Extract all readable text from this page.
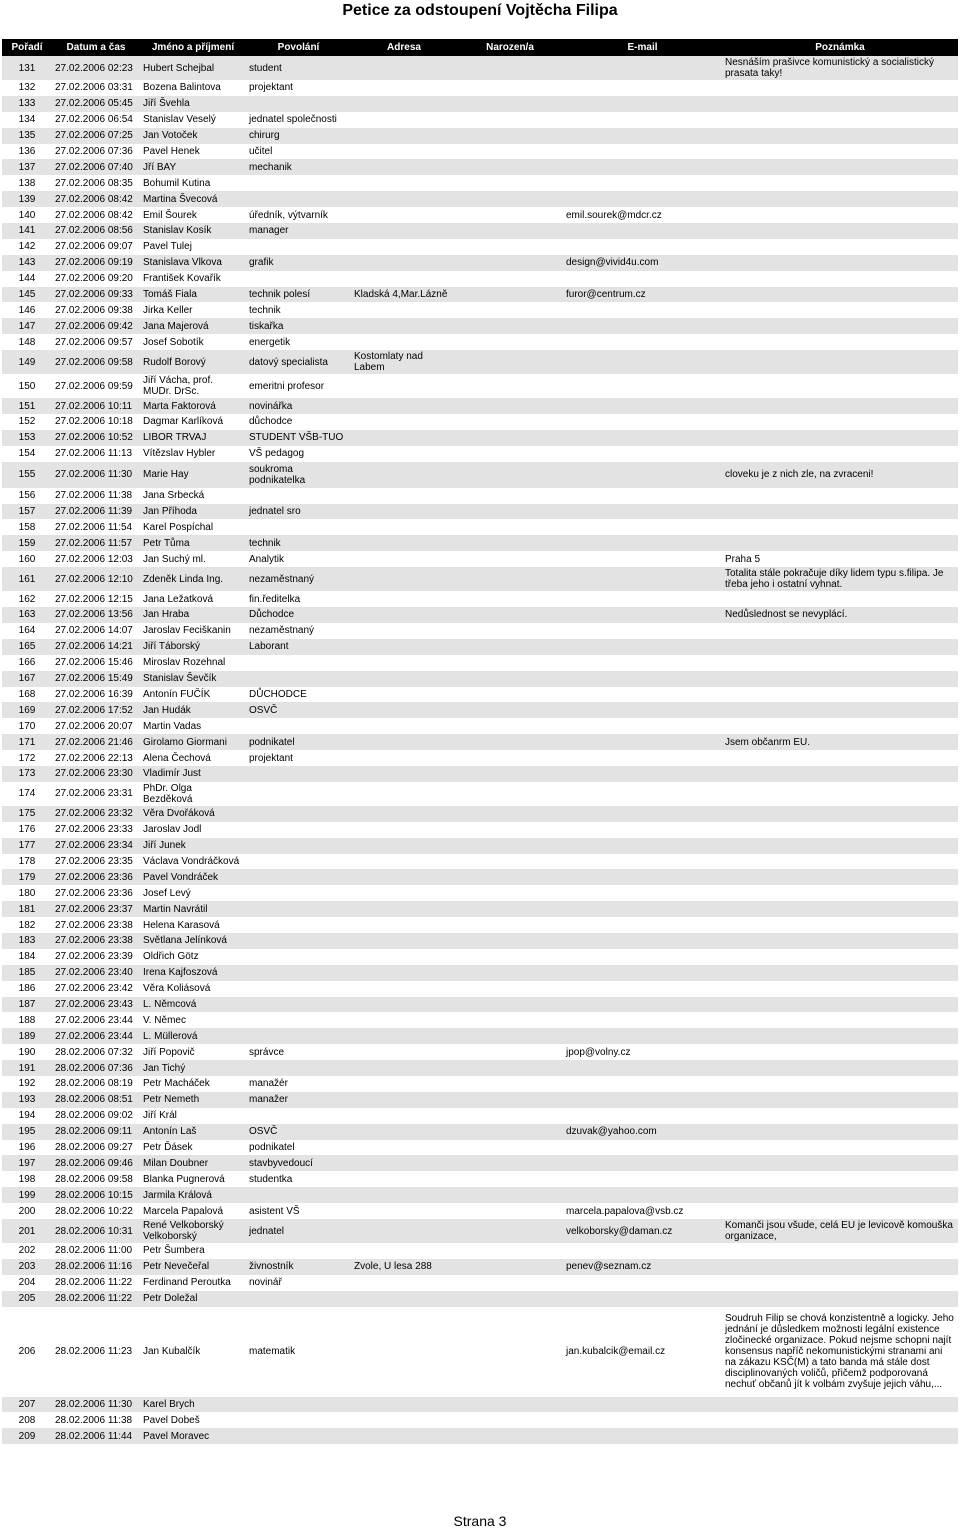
Petice za odstoupení Vojtěcha Filipa
Pořadí	Datum a čas	Jméno a příjmení	Povolání	Adresa	Narozen/a	E-mail	Poznámka
131	27.02.2006 02:23	Hubert Schejbal	student				Nesnáším prašivce komunistický a socialistický prasata taky!
132	27.02.2006 03:31	Bozena Balintova	projektant				
133	27.02.2006 05:45	Jiří Švehla					
134	27.02.2006 06:54	Stanislav Veselý	jednatel společnosti				
135	27.02.2006 07:25	Jan Votoček	chirurg				
136	27.02.2006 07:36	Pavel Henek	učitel				
137	27.02.2006 07:40	Jří BAY	mechanik				
138	27.02.2006 08:35	Bohumil Kutina					
139	27.02.2006 08:42	Martina Švecová					
140	27.02.2006 08:42	Emil Šourek	úředník, výtvarník			emil.sourek@mdcr.cz	
141	27.02.2006 08:56	Stanislav Kosík	manager				
142	27.02.2006 09:07	Pavel Tulej					
143	27.02.2006 09:19	Stanislava Vlkova	grafik			design@vivid4u.com	
144	27.02.2006 09:20	František Kovařík					
145	27.02.2006 09:33	Tomáš Fiala	technik polesí	Kladská 4,Mar.Lázně		furor@centrum.cz	
146	27.02.2006 09:38	Jirka Keller	technik				
147	27.02.2006 09:42	Jana Majerová	tiskařka				
148	27.02.2006 09:57	Josef Sobotík	energetik				
149	27.02.2006 09:58	Rudolf Borový	datový specialista	Kostomlaty nad Labem			
150	27.02.2006 09:59	Jiří Vácha, prof. MUDr. DrSc.	emeritni profesor				
151	27.02.2006 10:11	Marta Faktorová	novinářka				
152	27.02.2006 10:18	Dagmar Karlíková	důchodce				
153	27.02.2006 10:52	LIBOR TRVAJ	STUDENT VŠB-TUO				
154	27.02.2006 11:13	Vítězslav Hybler	VŠ pedagog				
155	27.02.2006 11:30	Marie Hay	soukroma podnikatelka				cloveku je z nich zle, na zvraceni!
156	27.02.2006 11:38	Jana Srbecká					
157	27.02.2006 11:39	Jan Příhoda	jednatel sro				
158	27.02.2006 11:54	Karel Pospíchal					
159	27.02.2006 11:57	Petr Tůma	technik				
160	27.02.2006 12:03	Jan Suchý ml.	Analytik				Praha 5
161	27.02.2006 12:10	Zdeněk Linda Ing.	nezaměstnaný				Totalita stále pokračuje díky lidem typu s.filipa. Je třeba jeho i ostatní vyhnat.
162	27.02.2006 12:15	Jana Ležatková	fin.ředitelka				
163	27.02.2006 13:56	Jan Hraba	Důchodce				Nedůslednost se nevyplácí.
164	27.02.2006 14:07	Jaroslav Feciškanin	nezaměstnaný				
165	27.02.2006 14:21	Jiří Táborský	Laborant				
166	27.02.2006 15:46	Miroslav Rozehnal					
167	27.02.2006 15:49	Stanislav Ševčík					
168	27.02.2006 16:39	Antonín FUČÍK	DŮCHODCE				
169	27.02.2006 17:52	Jan Hudák	OSVČ				
170	27.02.2006 20:07	Martin Vadas					
171	27.02.2006 21:46	Girolamo Giormani	podnikatel				Jsem občanrm EU.
172	27.02.2006 22:13	Alena Čechová	projektant				
173	27.02.2006 23:30	Vladimír Just					
174	27.02.2006 23:31	PhDr. Olga Bezděková					
175	27.02.2006 23:32	Věra Dvořáková					
176	27.02.2006 23:33	Jaroslav Jodl					
177	27.02.2006 23:34	Jiří Junek					
178	27.02.2006 23:35	Václava Vondráčková					
179	27.02.2006 23:36	Pavel Vondráček					
180	27.02.2006 23:36	Josef Levý					
181	27.02.2006 23:37	Martin Navrátil					
182	27.02.2006 23:38	Helena Karasová					
183	27.02.2006 23:38	Světlana Jelínková					
184	27.02.2006 23:39	Oldřich Götz					
185	27.02.2006 23:40	Irena Kajfoszová					
186	27.02.2006 23:42	Věra Koliásová					
187	27.02.2006 23:43	L. Němcová					
188	27.02.2006 23:44	V. Němec					
189	27.02.2006 23:44	L. Müllerová					
190	28.02.2006 07:32	Jiří Popovič	správce			jpop@volny.cz	
191	28.02.2006 07:36	Jan Tichý					
192	28.02.2006 08:19	Petr Macháček	manažér				
193	28.02.2006 08:51	Petr Nemeth	manažer				
194	28.02.2006 09:02	Jiří Král					
195	28.02.2006 09:11	Antonín Laš	OSVČ			dzuvak@yahoo.com	
196	28.02.2006 09:27	Petr Ďásek	podnikatel				
197	28.02.2006 09:46	Milan Doubner	stavbyvedoucí				
198	28.02.2006 09:58	Blanka Pugnerová	studentka				
199	28.02.2006 10:15	Jarmila Králová					
200	28.02.2006 10:22	Marcela Papalová	asistent VŠ			marcela.papalova@vsb.cz	
201	28.02.2006 10:31	René Velkoborský Velkoborský	jednatel			velkoborsky@daman.cz	Komanči jsou všude, celá EU je levicově komouška organizace,
202	28.02.2006 11:00	Petr Šumbera					
203	28.02.2006 11:16	Petr Nevečeřal	živnostník	Zvole, U lesa 288		penev@seznam.cz	
204	28.02.2006 11:22	Ferdinand Peroutka	novinář				
205	28.02.2006 11:22	Petr Doležal					
206	28.02.2006 11:23	Jan Kubalčík	matematik			jan.kubalcik@email.cz	Soudruh Filip se chová konzistentně a logicky. Jeho jednání je důsledkem možnosti legální existence zločinecké organizace. Pokud nejsme schopni najít konsensus napříč nekomunistickými stranami ani na zákazu KSČ(M) a tato banda má stále dost disciplinovaných voličů, přičemž podporovaná nechuť občanů jít k volbám zvyšuje jejich váhu,...
207	28.02.2006 11:30	Karel Brych					
208	28.02.2006 11:38	Pavel Dobeš					
209	28.02.2006 11:44	Pavel Moravec					
Strana 3
